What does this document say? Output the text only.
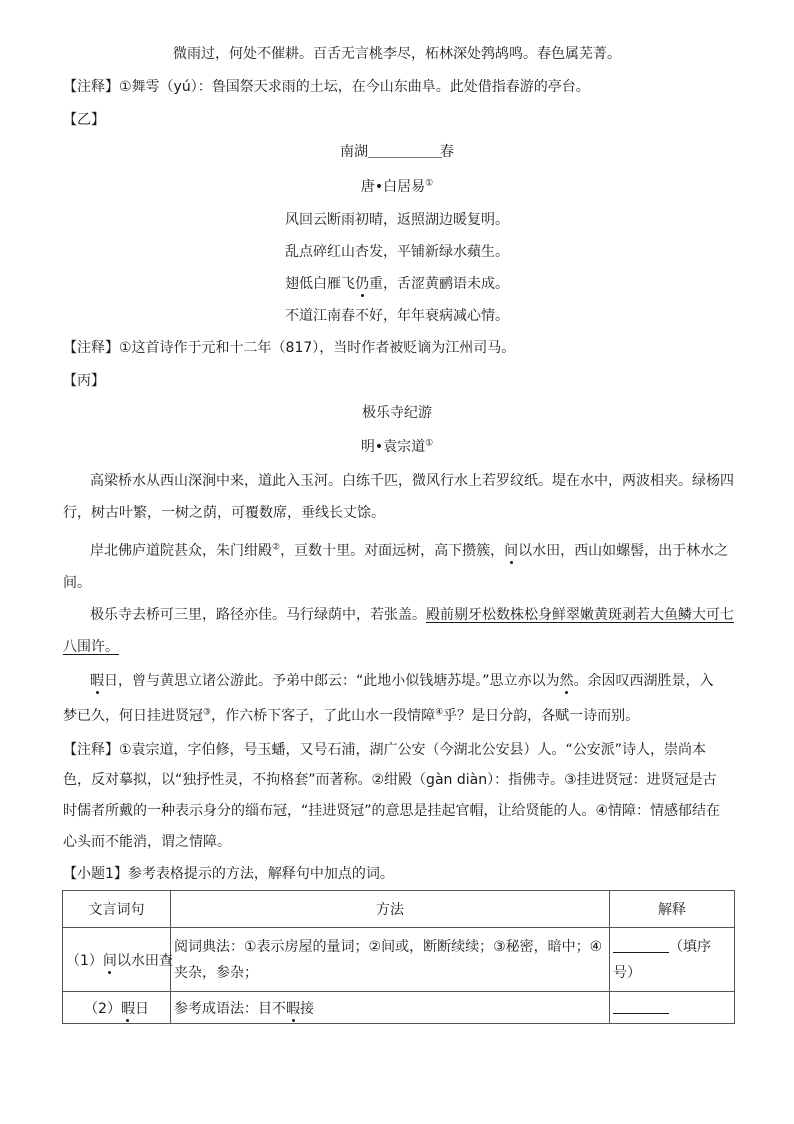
微雨过，何处不催耕。百舌无言桃李尽，柘林深处鹁鸪鸣。春色属芜菁。
【注释】①舞雩（yú）：鲁国祭天求雨的土坛，在今山东曲阜。此处借指春游的亭台。
【乙】
南湖＿＿＿＿＿＿春
唐•白居易①
风回云断雨初晴，返照湖边暖复明。
乱点碎红山杏发，平铺新绿水蘋生。
翅低白雁飞仍重，舌涩黄鹂语未成。
不道江南春不好，年年衰病减心情。
【注释】①这首诗作于元和十二年（817），当时作者被贬谪为江州司马。
【丙】
极乐寺纪游
明•袁宗道①
高梁桥水从西山深涧中来，道此入玉河。白练千匹，微风行水上若罗纹纸。堤在水中，两波相夹。绿杨四
行，树古叶繁，一树之荫，可覆数席，垂线长丈馀。
岸北佛庐道院甚众，朱门绀殿②，亘数十里。对面远树，高下攒簇，间以水田，西山如螺髻，出于林水之
间。
极乐寺去桥可三里，路径亦佳。马行绿荫中，若张盖。殿前剔牙松数株松身鲜翠嫩黄斑剥若大鱼鳞大可七
八围许。
暇日，曾与黄思立诸公游此。予弟中郎云：“此地小似钱塘苏堤。”思立亦以为然。余因叹西湖胜景，入
梦已久，何日挂进贤冠③，作六桥下客子，了此山水一段情障④乎？是日分韵，各赋一诗而别。
【注释】①袁宗道，字伯修，号玉蟠，又号石浦，湖广公安（今湖北公安县）人。“公安派”诗人，崇尚本
色，反对摹拟，以“独抒性灵，不拘格套”而著称。②绀殿（gàn diàn）：指佛寺。③挂进贤冠：进贤冠是古
时儒者所戴的一种表示身分的缁布冠，“挂进贤冠”的意思是挂起官帽，让给贤能的人。④情障：情感郁结在
心头而不能消，谓之情障。
【小题1】参考表格提示的方法，解释句中加点的词。
文言词句	方法	解释
（1）间以水田查	阅词典法：①表示房屋的量词；②间或，断断续续；③秘密，暗中；④夹杂，参杂；	（填序号）
（2）暇日	参考成语法：目不暇接	
